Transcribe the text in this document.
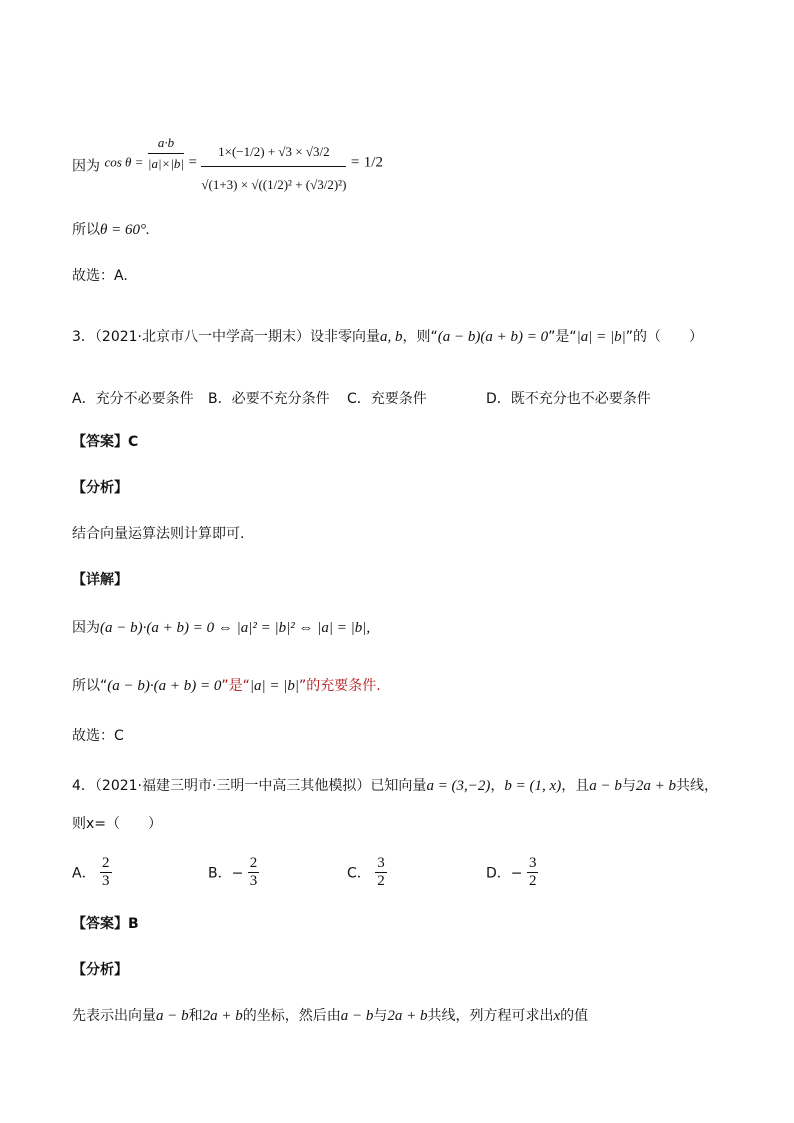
因为 $\cos \theta = \frac{a\cdot b}{|a|\times|b|} = \frac{1\times(-1/2) + √3 \times √3/2}{\text{√(1+3) × √((1/2)² + (√3/2)²)}} = 1/2$
所以θ = 60°.
故选：A.
3．（2021·北京市八一中学高一期末）设非零向量a, b，则“(a − b)(a + b) = 0”是“|a| = |b|”的（　　）
A．充分不必要条件 B．必要不充分条件 C．充要条件	D．既不充分也不必要条件
【答案】C
【分析】
结合向量运算法则计算即可.
【详解】
因为(a − b)·(a + b) = 0 ⇔ |a|² = |b|² ⇔ |a| = |b|,
所以“(a − b)·(a + b) = 0”是“|a| = |b|”的充要条件.
故选：C
4．（2021·福建三明市·三明一中高三其他模拟）已知向量a = (3,−2)，b = (1, x)，且a − b与2a + b共线，
则x=（　　）
A． $\frac{2}{3}$	B．− $\frac{2}{3}$	C． $\frac{3}{2}$	D．− $\frac{3}{2}$
【答案】B
【分析】
先表示出向量a − b和2a + b的坐标，然后由a − b与2a + b共线，列方程可求出x的值
